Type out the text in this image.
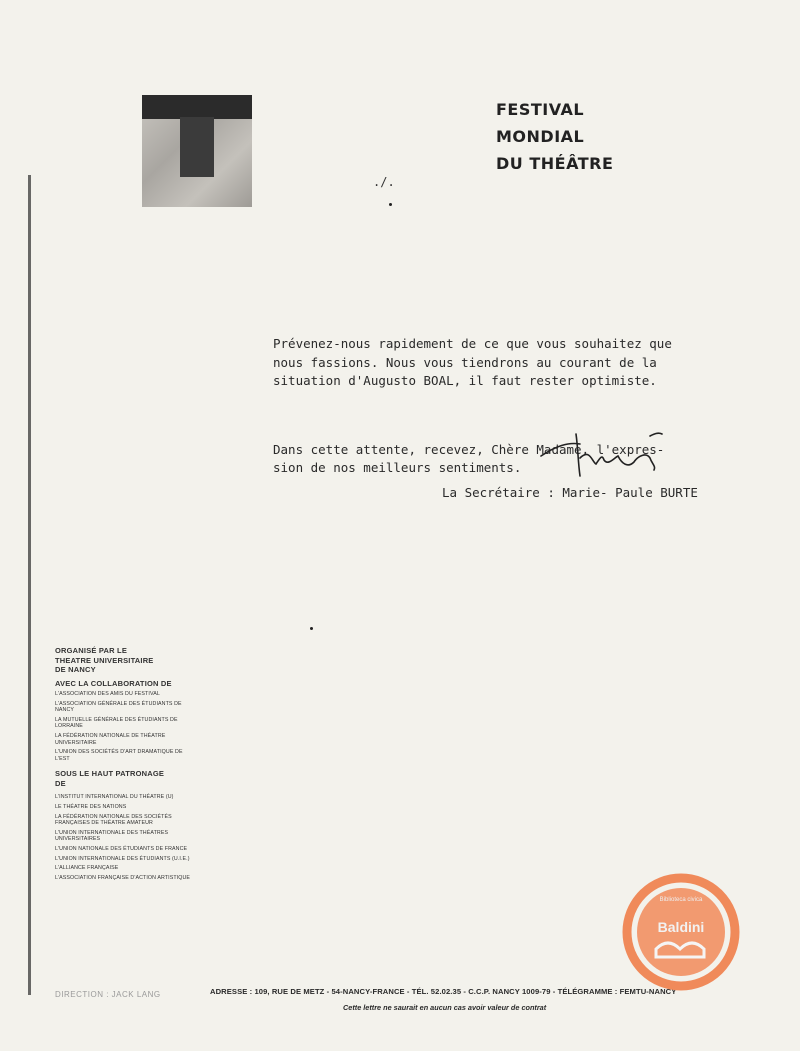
FESTIVAL
MONDIAL
DU THÉÂTRE
./.

Prévenez-nous rapidement de ce que vous souhaitez que
nous fassions. Nous vous tiendrons au courant de la
situation d'Augusto BOAL, il faut rester optimiste.

Dans cette attente, recevez, Chère Madame, l'expres-
sion de nos meilleurs sentiments.

La Secrétaire : Marie- Paule BURTE
ORGANISÉ PAR LE
THEATRE UNIVERSITAIRE
DE NANCY
AVEC LA COLLABORATION DE
L'ASSOCIATION DES AMIS DU FESTIVAL
L'ASSOCIATION GÉNÉRALE DES ÉTUDIANTS DE NANCY
LA MUTUELLE GÉNÉRALE DES ÉTUDIANTS DE LORRAINE
LA FÉDÉRATION NATIONALE DE THÉATRE UNIVERSITAIRE
L'UNION DES SOCIÉTÉS D'ART DRAMATIQUE DE L'EST
SOUS LE HAUT PATRONAGE
DE
L'INSTITUT INTERNATIONAL DU THÉATRE (U)
LE THÉATRE DES NATIONS
LA FÉDÉRATION NATIONALE DES SOCIÉTÉS FRANÇAISES DE THÉATRE AMATEUR
L'UNION INTERNATIONALE DES THÉATRES UNIVERSITAIRES
L'UNION NATIONALE DES ÉTUDIANTS DE FRANCE
L'UNION INTERNATIONALE DES ÉTUDIANTS (U.I.E.)
L'ALLIANCE FRANÇAISE
L'ASSOCIATION FRANÇAISE D'ACTION ARTISTIQUE
DIRECTION : JACK LANG	ADRESSE : 109, RUE DE METZ - 54-NANCY-FRANCE - TÉL. 52.02.35 - C.C.P. NANCY 1009-79 - TÉLÉGRAMME : FEMTU-NANCY
Cette lettre ne saurait en aucun cas avoir valeur de contrat
Biblioteca civica
Baldini
